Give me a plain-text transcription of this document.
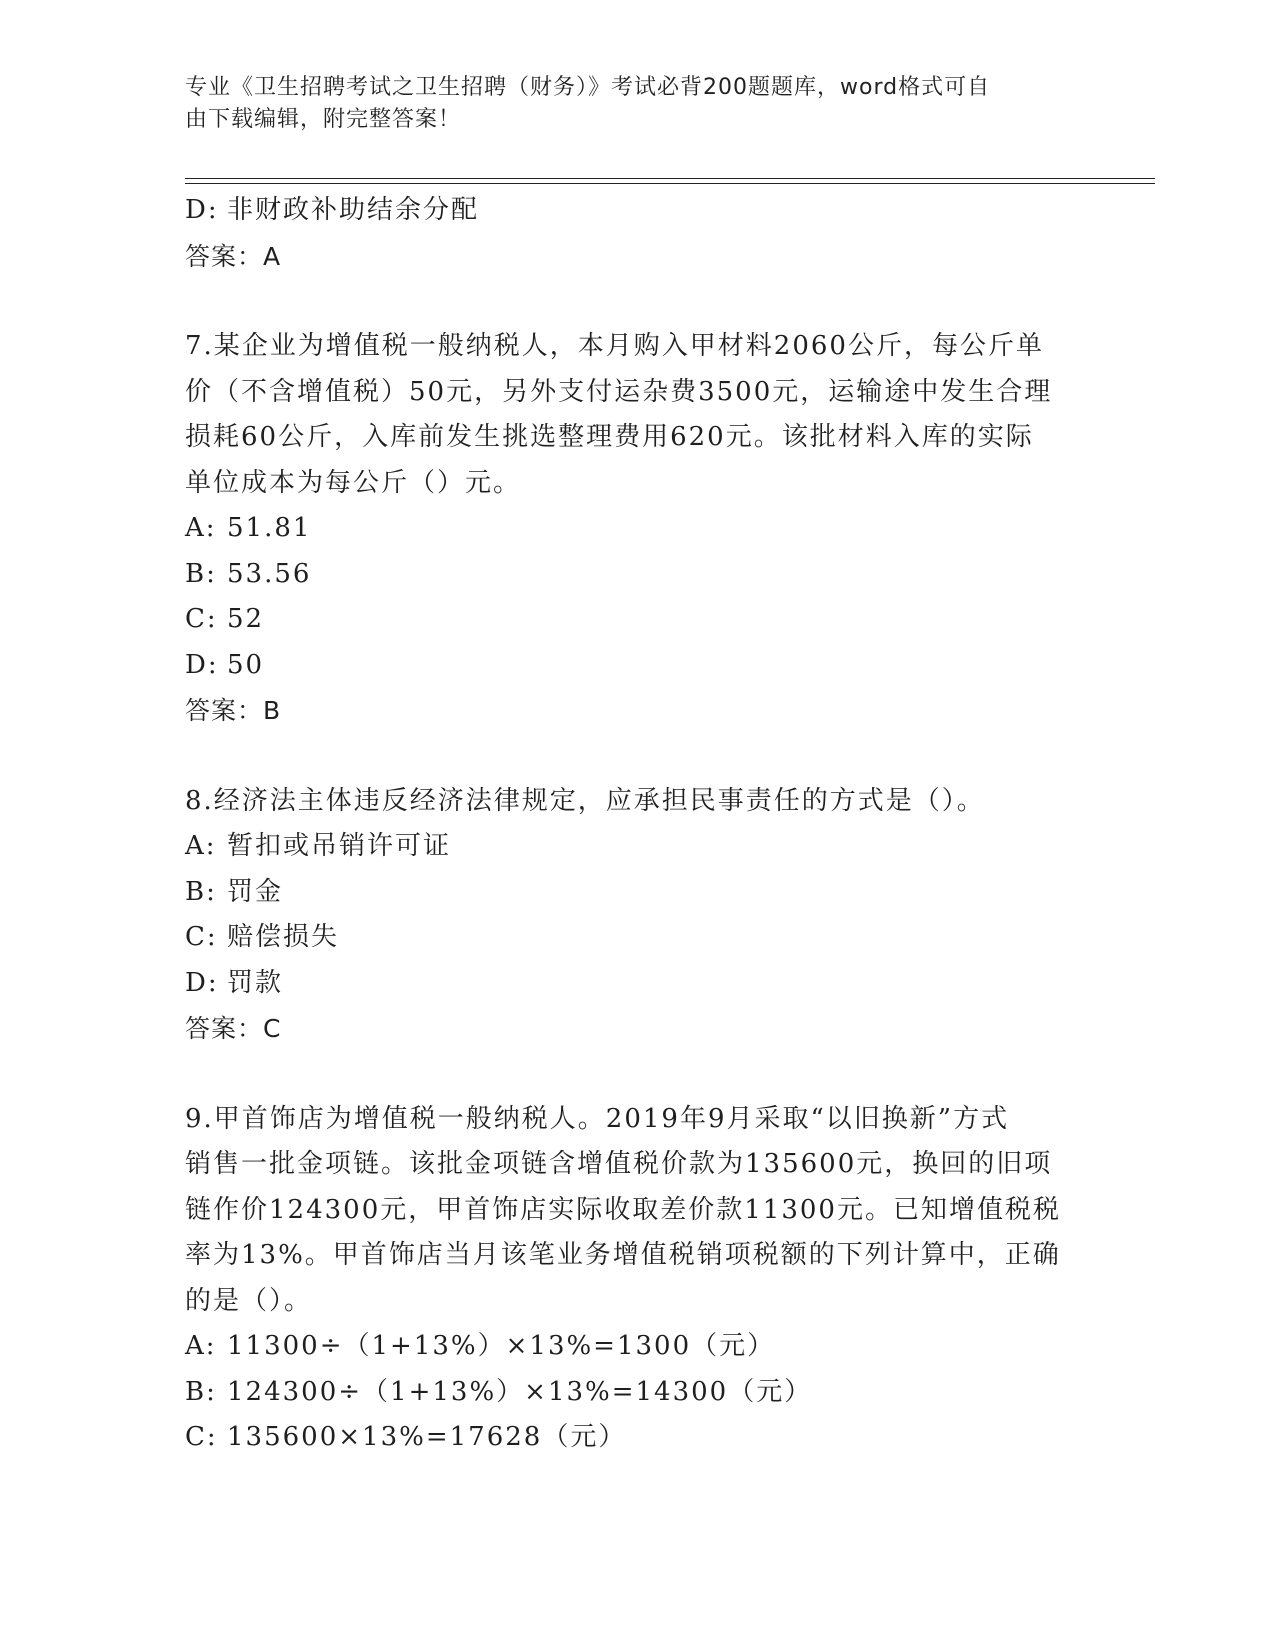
专业《卫生招聘考试之卫生招聘（财务）》考试必背200题题库，word格式可自
由下载编辑，附完整答案！
D: 非财政补助结余分配
答案：A
7.某企业为增值税一般纳税人，本月购入甲材料2060公斤，每公斤单
价（不含增值税）50元，另外支付运杂费3500元，运输途中发生合理
损耗60公斤，入库前发生挑选整理费用620元。该批材料入库的实际
单位成本为每公斤（）元。
A: 51.81
B: 53.56
C: 52
D: 50
答案：B
8.经济法主体违反经济法律规定，应承担民事责任的方式是（）。
A: 暂扣或吊销许可证
B: 罚金
C: 赔偿损失
D: 罚款
答案：C
9.甲首饰店为增值税一般纳税人。2019年9月采取“以旧换新”方式
销售一批金项链。该批金项链含增值税价款为135600元，换回的旧项
链作价124300元，甲首饰店实际收取差价款11300元。已知增值税税
率为13%。甲首饰店当月该笔业务增值税销项税额的下列计算中，正确
的是（）。
A: 11300÷（1+13%）×13%=1300（元）
B: 124300÷（1+13%）×13%=14300（元）
C: 135600×13%=17628（元）
